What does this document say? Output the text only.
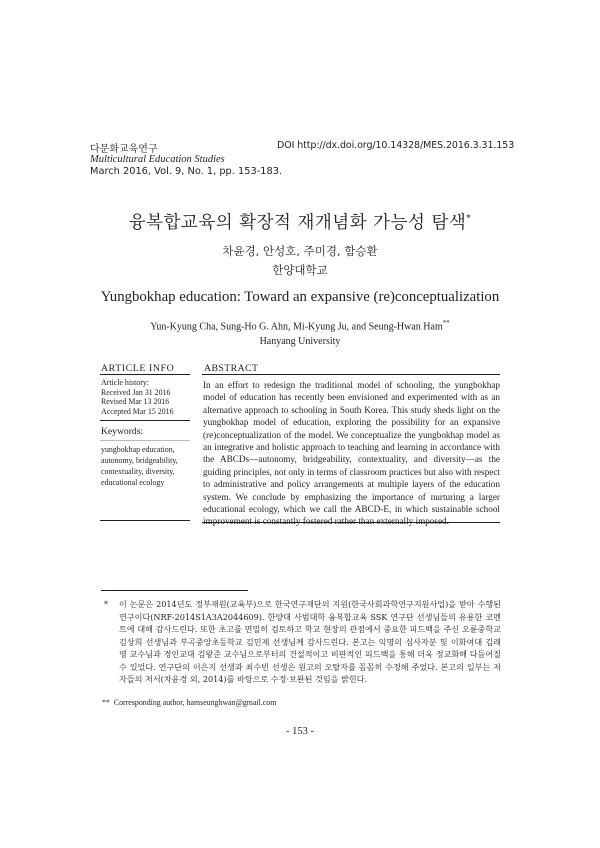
다문화교육연구	DOI http://dx.doi.org/10.14328/MES.2016.3.31.153
Multicultural Education Studies
March 2016, Vol. 9, No. 1, pp. 153-183.
융복합교육의 확장적 재개념화 가능성 탐색*
차윤경, 안성호, 주미경, 함승환
한양대학교
Yungbokhap education: Toward an expansive (re)conceptualization
Yun-Kyung Cha, Sung-Ho G. Ahn, Mi-Kyung Ju, and Seung-Hwan Ham**
Hanyang University
ARTICLE INFO	ABSTRACT
Article history:
Received Jan 31 2016
Revised Mar 13 2016
Accepted Mar 15 2016
Keywords:
yungbokhap education, autonomy, bridgeability, contextuality, diversity, educational ecology
In an effort to redesign the traditional model of schooling, the yungbokhap model of education has recently been envisioned and experimented with as an alternative approach to schooling in South Korea. This study sheds light on the yungbokhap model of education, exploring the possibility for an expansive (re)conceptualization of the model. We conceptualize the yungbokhap model as an integrative and holistic approach to teaching and learning in accordance with the ABCDs—autonomy, bridgeability, contextuality, and diversity—as the guiding principles, not only in terms of classroom practices but also with respect to administrative and policy arrangements at multiple layers of the education system. We conclude by emphasizing the importance of nurturing a larger educational ecology, which we call the ABCD-E, in which sustainable school improvement is constantly fostered rather than externally imposed.
*	이 논문은 2014년도 정부재원(교육부)으로 한국연구재단의 지원(한국사회과학연구지원사업)을 받아 수행된 연구이다(NRF-2014S1A3A2044609). 한양대 사범대학 융복합교육 SSK 연구단 선생님들의 유용한 코멘트에 대해 감사드린다. 또한 초고를 면밀히 검토하고 학교 현장의 관점에서 중요한 피드백을 주신 오륜중학교 김상희 선생님과 부곡중앙초등학교 김민제 선생님께 감사드린다. 본고는 익명의 심사자분 및 이화여대 김래영 교수님과 경인교대 김왕준 교수님으로부터의 건설적이고 비판적인 피드백을 통해 더욱 정교화해 다듬어질 수 있었다. 연구단의 이은지 선생과 최수빈 선생은 원고의 오탈자를 꼼꼼히 수정해 주었다. 본고의 일부는 저자들의 저서(차윤경 외, 2014)를 바탕으로 수정·보완된 것임을 밝힌다.
** Corresponding author, hamseunghwan@gmail.com
- 153 -
